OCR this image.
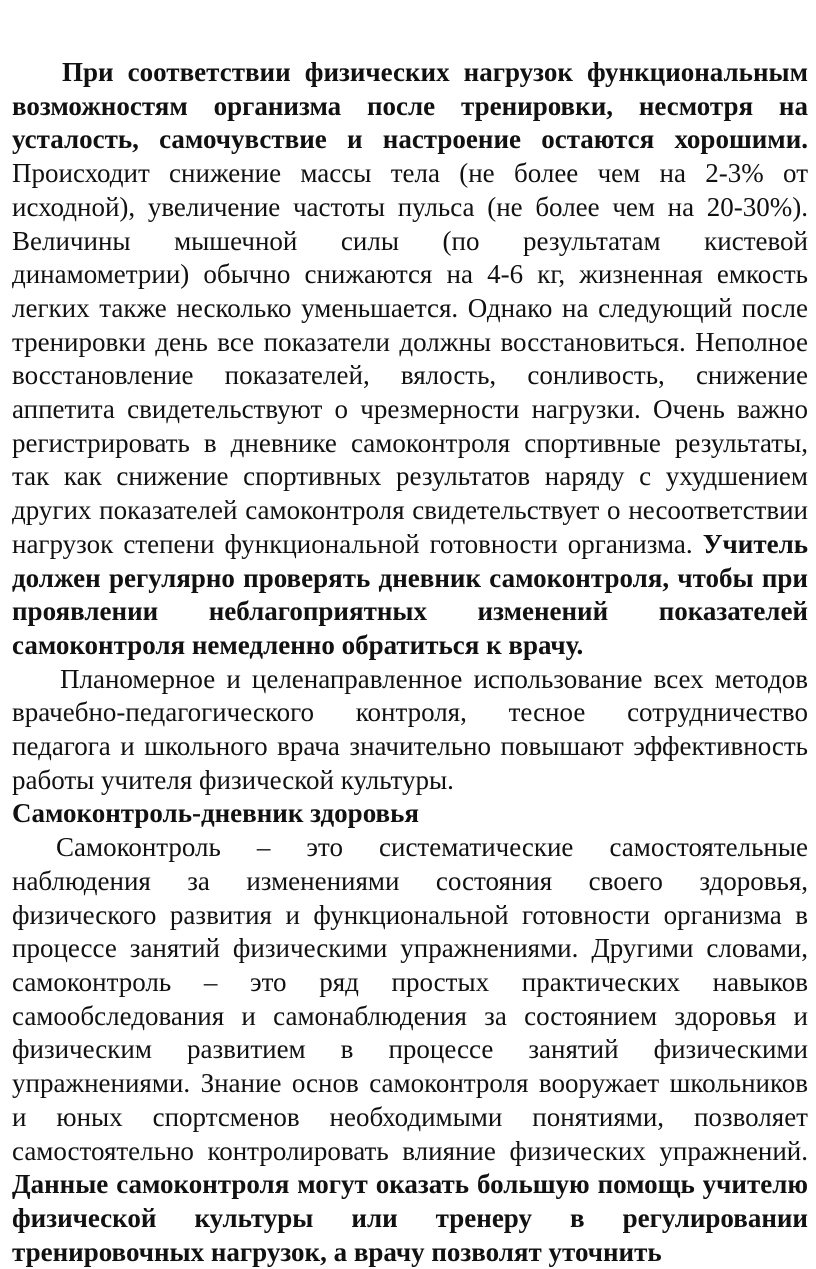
При соответствии физических нагрузок функциональным возможностям организма после тренировки, несмотря на усталость, самочувствие и настроение остаются хорошими. Происходит снижение массы тела (не более чем на 2-3% от исходной), увеличение частоты пульса (не более чем на 20-30%). Величины мышечной силы (по результатам кистевой динамометрии) обычно снижаются на 4-6 кг, жизненная емкость легких также несколько уменьшается. Однако на следующий после тренировки день все показатели должны восстановиться. Неполное восстановление показателей, вялость, сонливость, снижение аппетита свидетельствуют о чрезмерности нагрузки. Очень важно регистрировать в дневнике самоконтроля спортивные результаты, так как снижение спортивных результатов наряду с ухудшением других показателей самоконтроля свидетельствует о несоответствии нагрузок степени функциональной готовности организма. Учитель должен регулярно проверять дневник самоконтроля, чтобы при проявлении неблагоприятных изменений показателей самоконтроля немедленно обратиться к врачу.

Планомерное и целенаправленное использование всех методов врачебно-педагогического контроля, тесное сотрудничество педагога и школьного врача значительно повышают эффективность работы учителя физической культуры.

Самоконтроль-дневник здоровья

Самоконтроль – это систематические самостоятельные наблюдения за изменениями состояния своего здоровья, физического развития и функциональной готовности организма в процессе занятий физическими упражнениями. Другими словами, самоконтроль – это ряд простых практических навыков самообследования и самонаблюдения за состоянием здоровья и физическим развитием в процессе занятий физическими упражнениями. Знание основ самоконтроля вооружает школьников и юных спортсменов необходимыми понятиями, позволяет самостоятельно контролировать влияние физических упражнений. Данные самоконтроля могут оказать большую помощь учителю физической культуры или тренеру в регулировании тренировочных нагрузок, а врачу позволят уточнить
